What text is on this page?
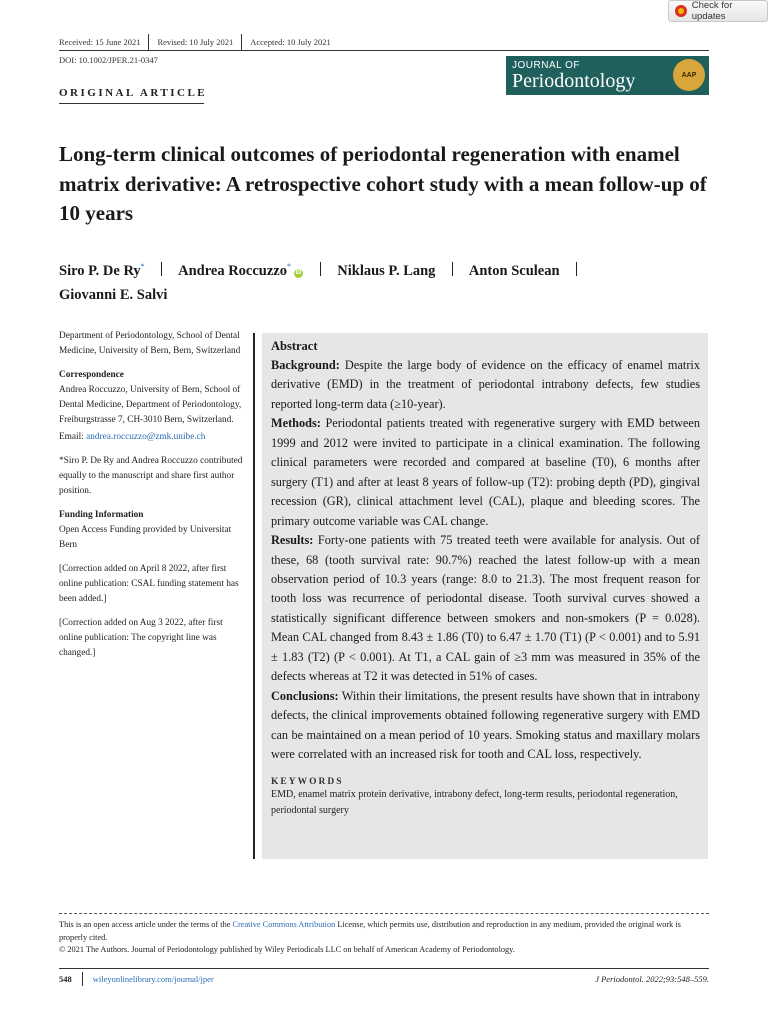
Received: 15 June 2021	Revised: 10 July 2021	Accepted: 10 July 2021
DOI: 10.1002/JPER.21-0347
ORIGINAL ARTICLE
Check for updates
JOURNAL OF
Periodontology	AAP
Long-term clinical outcomes of periodontal regeneration with enamel matrix derivative: A retrospective cohort study with a mean follow-up of 10 years
Siro P. De Ry* Andrea Roccuzzo*iD Niklaus P. Lang Anton Sculean
Giovanni E. Salvi

Department of Periodontology, School of Dental Medicine, University of Bern, Bern, Switzerland

Correspondence

Andrea Roccuzzo, University of Bern, School of Dental Medicine, Department of Periodontology, Freiburgstrasse 7, CH-3010 Bern, Switzerland.

Email: andrea.roccuzzo@zmk.unibe.ch

*Siro P. De Ry and Andrea Roccuzzo contributed equally to the manuscript and share first author position.

Funding Information

Open Access Funding provided by Universitat Bern

[Correction added on April 8 2022, after first online publication: CSAL funding statement has been added.]

[Correction added on Aug 3 2022, after first online publication: The copyright line was changed.]

Abstract

Background: Despite the large body of evidence on the efficacy of enamel matrix derivative (EMD) in the treatment of periodontal intrabony defects, few studies reported long-term data (≥10-year).

Methods: Periodontal patients treated with regenerative surgery with EMD between 1999 and 2012 were invited to participate in a clinical examination. The following clinical parameters were recorded and compared at baseline (T0), 6 months after surgery (T1) and after at least 8 years of follow-up (T2): probing depth (PD), gingival recession (GR), clinical attachment level (CAL), plaque and bleeding scores. The primary outcome variable was CAL change.

Results: Forty-one patients with 75 treated teeth were available for analysis. Out of these, 68 (tooth survival rate: 90.7%) reached the latest follow-up with a mean observation period of 10.3 years (range: 8.0 to 21.3). The most frequent reason for tooth loss was recurrence of periodontal disease. Tooth survival curves showed a statistically significant difference between smokers and non-smokers (P = 0.028). Mean CAL changed from 8.43 ± 1.86 (T0) to 6.47 ± 1.70 (T1) (P < 0.001) and to 5.91 ± 1.83 (T2) (P < 0.001). At T1, a CAL gain of ≥3 mm was measured in 35% of the defects whereas at T2 it was detected in 51% of cases.

Conclusions: Within their limitations, the present results have shown that in intrabony defects, the clinical improvements obtained following regenerative surgery with EMD can be maintained on a mean period of 10 years. Smoking status and maxillary molars were correlated with an increased risk for tooth and CAL loss, respectively.

KEYWORDS
EMD, enamel matrix protein derivative, intrabony defect, long-term results, periodontal regeneration, periodontal surgery
This is an open access article under the terms of the Creative Commons Attribution License, which permits use, distribution and reproduction in any medium, provided the original work is properly cited.
© 2021 The Authors. Journal of Periodontology published by Wiley Periodicals LLC on behalf of American Academy of Periodontology.
548 wileyonlinelibrary.com/journal/jper	J Periodontol. 2022;93:548–559.
